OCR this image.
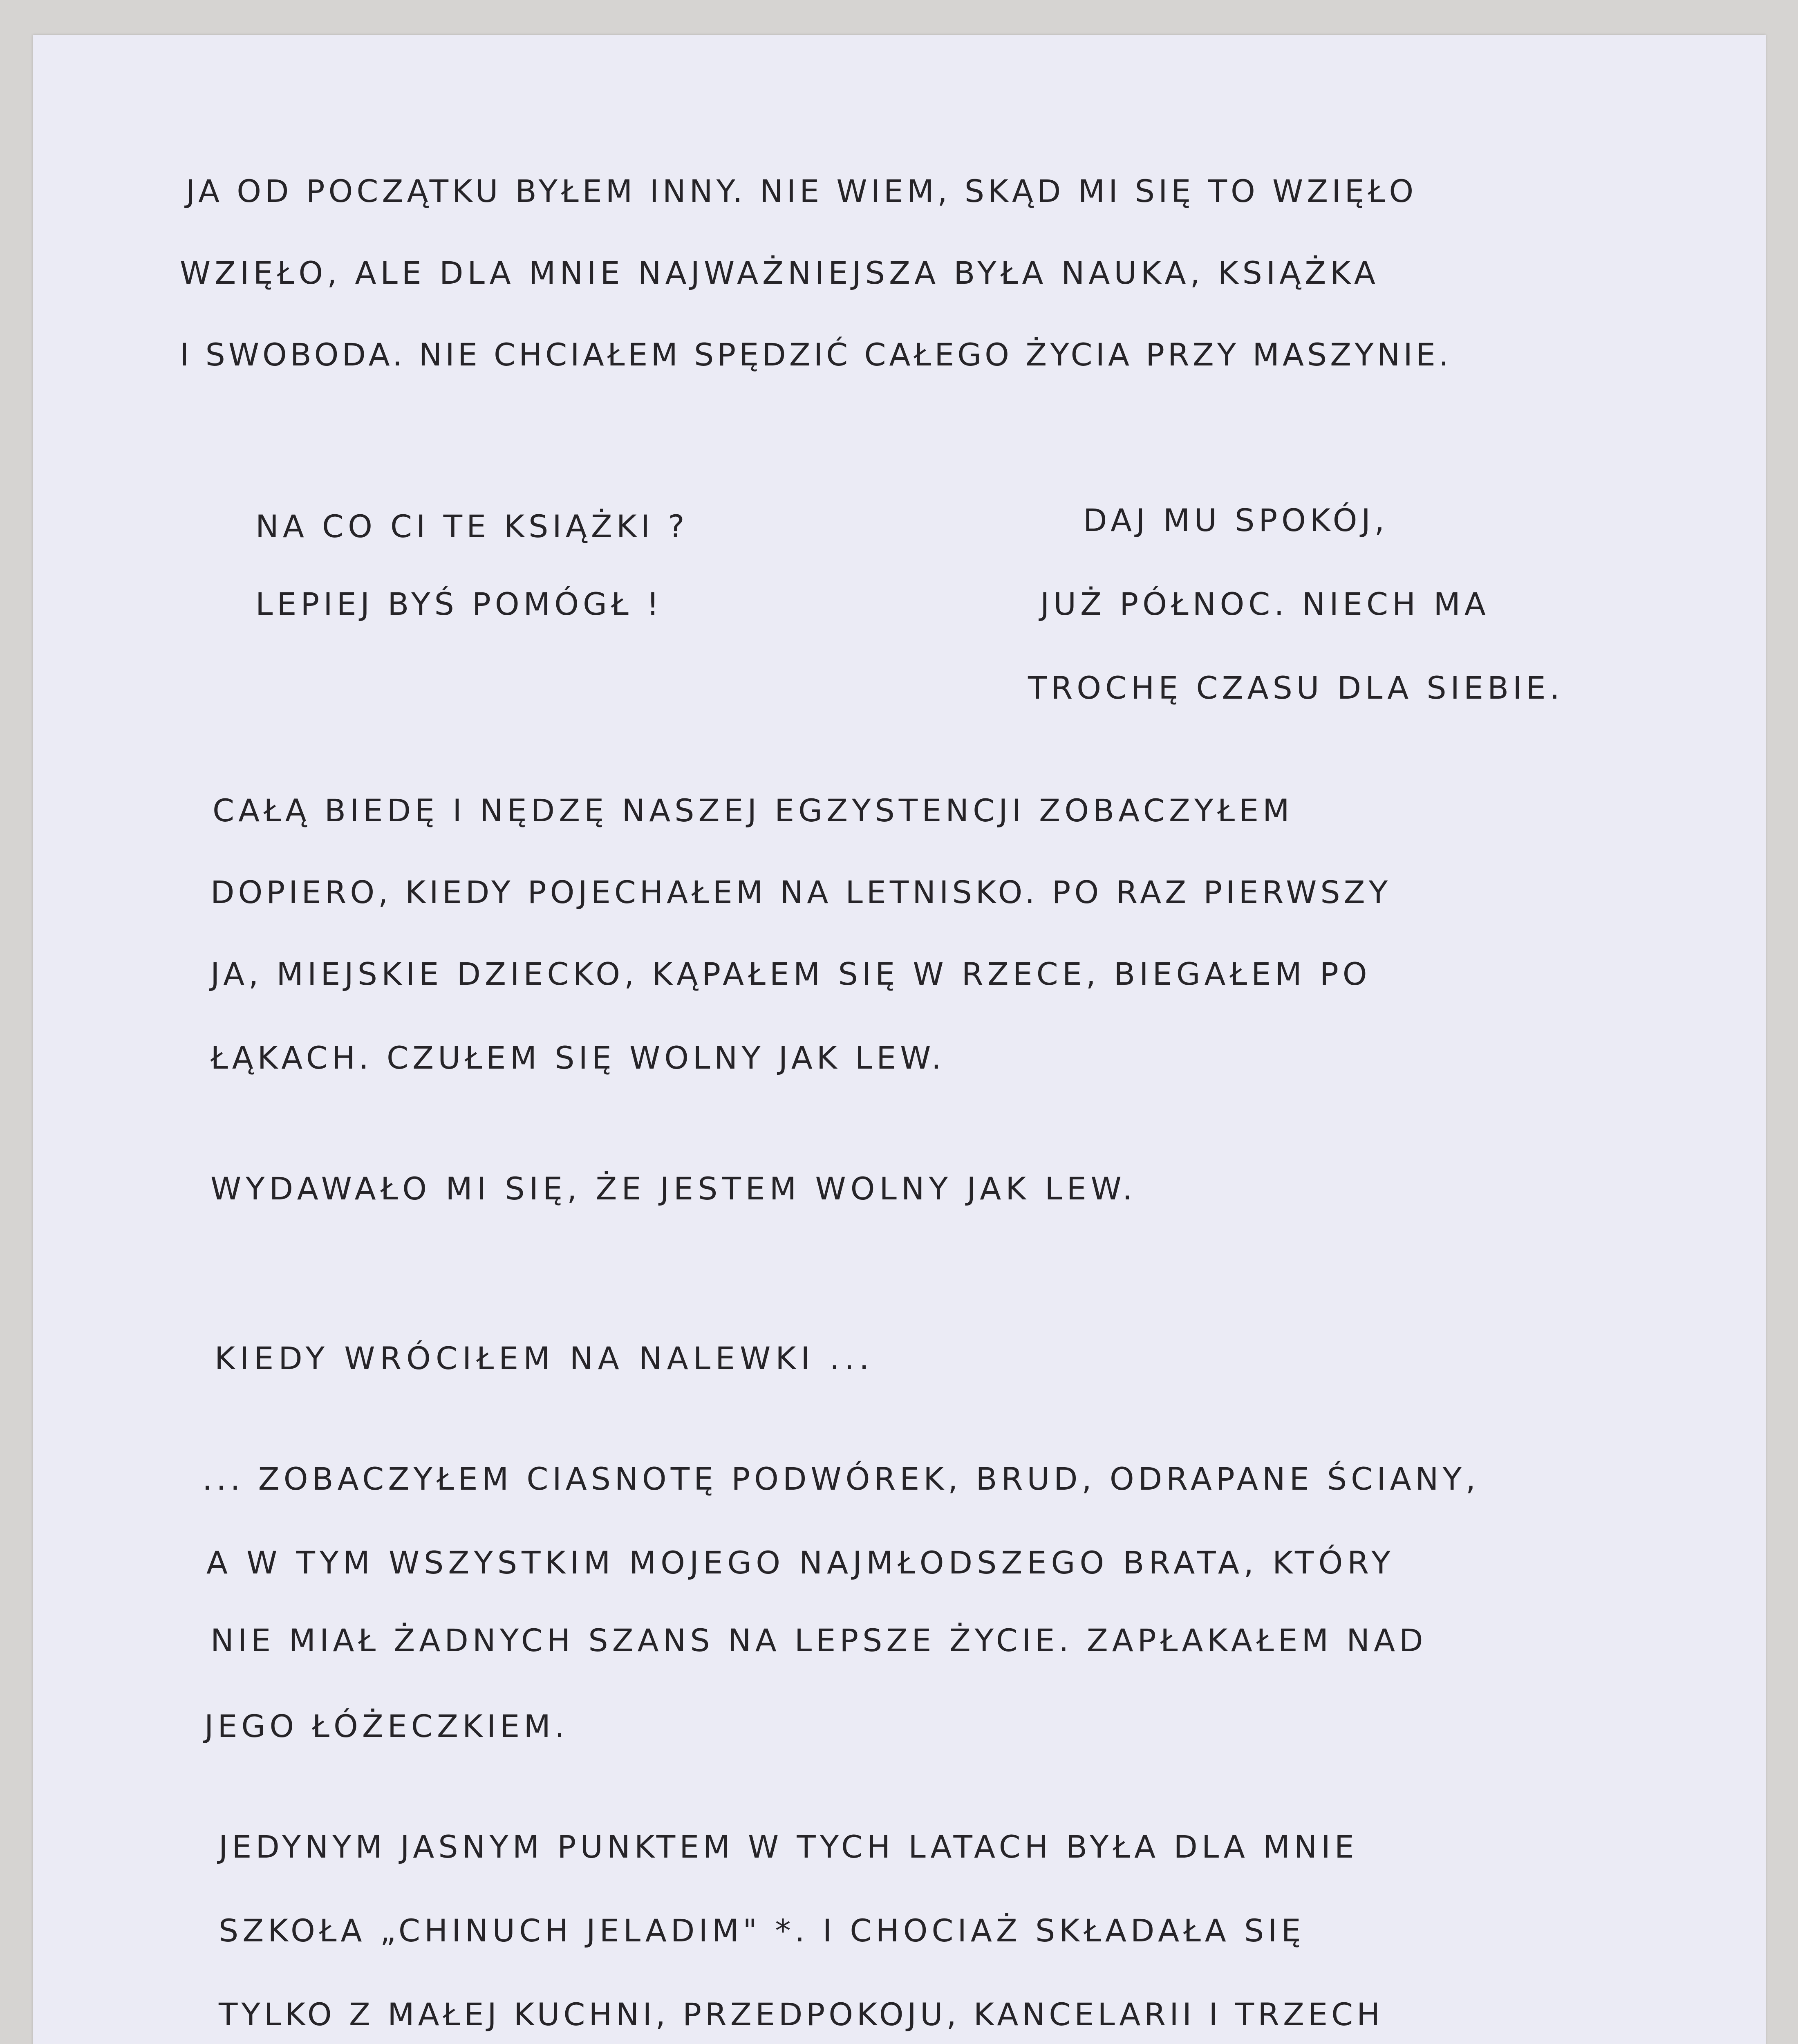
JA OD POCZĄTKU BYŁEM INNY. NIE WIEM, SKĄD MI SIĘ TO WZIĘŁO
WZIĘŁO, ALE DLA MNIE NAJWAŻNIEJSZA BYŁA NAUKA, KSIĄŻKA
I SWOBODA. NIE CHCIAŁEM SPĘDZIĆ CAŁEGO ŻYCIA PRZY MASZYNIE.
NA CO CI TE KSIĄŻKI ?
LEPIEJ BYŚ POMÓGŁ !
DAJ MU SPOKÓJ,
JUŻ PÓŁNOC. NIECH MA
TROCHĘ CZASU DLA SIEBIE.
CAŁĄ BIEDĘ I NĘDZĘ NASZEJ EGZYSTENCJI ZOBACZYŁEM
DOPIERO, KIEDY POJECHAŁEM NA LETNISKO. PO RAZ PIERWSZY
JA, MIEJSKIE DZIECKO, KĄPAŁEM SIĘ W RZECE, BIEGAŁEM PO
ŁĄKACH. CZUŁEM SIĘ WOLNY JAK LEW.
WYDAWAŁO MI SIĘ, ŻE JESTEM WOLNY JAK LEW.
KIEDY WRÓCIŁEM NA NALEWKI ...
... ZOBACZYŁEM CIASNOTĘ PODWÓREK, BRUD, ODRAPANE ŚCIANY,
A W TYM WSZYSTKIM MOJEGO NAJMŁODSZEGO BRATA, KTÓRY
NIE MIAŁ ŻADNYCH SZANS NA LEPSZE ŻYCIE. ZAPŁAKAŁEM NAD
JEGO ŁÓŻECZKIEM.
JEDYNYM JASNYM PUNKTEM W TYCH LATACH BYŁA DLA MNIE
SZKOŁA „CHINUCH JELADIM" *. I CHOCIAŻ SKŁADAŁA SIĘ
TYLKO Z MAŁEJ KUCHNI, PRZEDPOKOJU, KANCELARII I TRZECH
